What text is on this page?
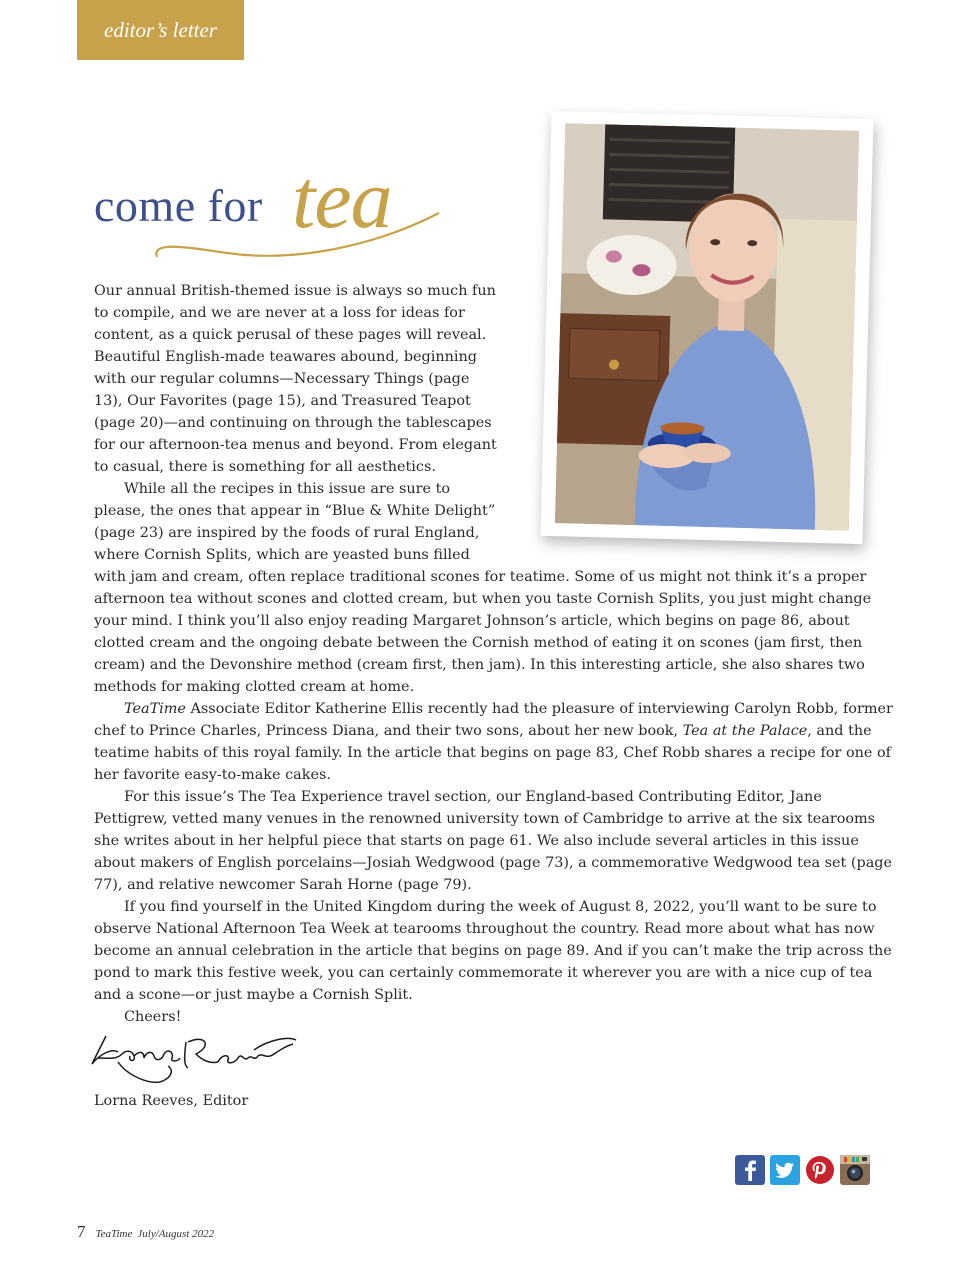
editor’s letter
come for tea

Our annual British-themed issue is always so much fun to compile, and we are never at a loss for ideas for content, as a quick perusal of these pages will reveal. Beautiful English-made teawares abound, beginning with our regular columns—Necessary Things (page 13), Our Favorites (page 15), and Treasured Teapot (page 20)—and continuing on through the tablescapes for our afternoon-tea menus and beyond. From elegant to casual, there is something for all aesthetics.

While all the recipes in this issue are sure to please, the ones that appear in “Blue & White Delight” (page 23) are inspired by the foods of rural England, where Cornish Splits, which are yeasted buns filled with jam and cream, often replace traditional scones for teatime. Some of us might not think it’s a proper afternoon tea without scones and clotted cream, but when you taste Cornish Splits, you just might change your mind. I think you’ll also enjoy reading Margaret Johnson’s article, which begins on page 86, about clotted cream and the ongoing debate between the Cornish method of eating it on scones (jam first, then cream) and the Devonshire method (cream first, then jam). In this interesting article, she also shares two methods for making clotted cream at home.

TeaTime Associate Editor Katherine Ellis recently had the pleasure of interviewing Carolyn Robb, former chef to Prince Charles, Princess Diana, and their two sons, about her new book, Tea at the Palace, and the teatime habits of this royal family. In the article that begins on page 83, Chef Robb shares a recipe for one of her favorite easy-to-make cakes.

For this issue’s The Tea Experience travel section, our England-based Contributing Editor, Jane Pettigrew, vetted many venues in the renowned university town of Cambridge to arrive at the six tearooms she writes about in her helpful piece that starts on page 61. We also include several articles in this issue about makers of English porcelains—Josiah Wedgwood (page 73), a commemorative Wedgwood tea set (page 77), and relative newcomer Sarah Horne (page 79).

If you find yourself in the United Kingdom during the week of August 8, 2022, you’ll want to be sure to observe National Afternoon Tea Week at tearooms throughout the country. Read more about what has now become an annual celebration in the article that begins on page 89. And if you can’t make the trip across the pond to mark this festive week, you can certainly commemorate it wherever you are with a nice cup of tea and a scone—or just maybe a Cornish Split.

Cheers!

Lorna Reeves, Editor
7 TeaTime July/August 2022
